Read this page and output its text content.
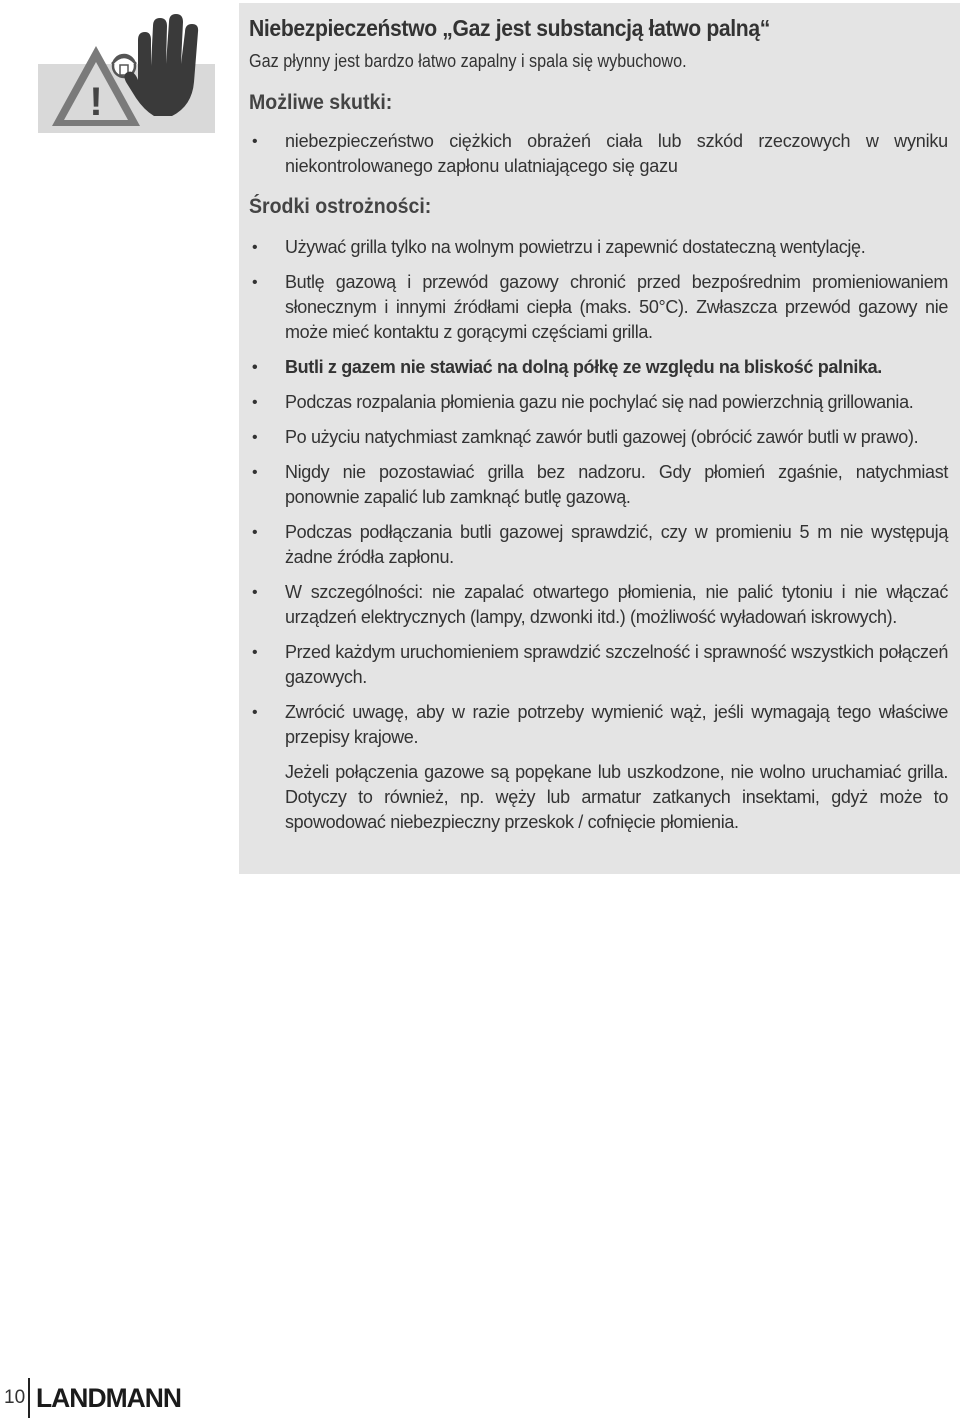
!
Niebezpieczeństwo „Gaz jest substancją łatwo palną“

Gaz płynny jest bardzo łatwo zapalny i spala się wybuchowo.

Możliwe skutki:
• niebezpieczeństwo ciężkich obrażeń ciała lub szkód rzeczowych w wyniku niekontrolowanego zapłonu ulatniającego się gazu
Środki ostrożności:
• Używać grilla tylko na wolnym powietrzu i zapewnić dostateczną wentylację.
• Butlę gazową i przewód gazowy chronić przed bezpośrednim promieniowaniem słonecznym i innymi źródłami ciepła (maks. 50°C). Zwłaszcza przewód gazowy nie może mieć kontaktu z gorącymi częściami grilla.
• Butli z gazem nie stawiać na dolną półkę ze względu na bliskość palnika.
• Podczas rozpalania płomienia gazu nie pochylać się nad powierzchnią grillowania.
• Po użyciu natychmiast zamknąć zawór butli gazowej (obrócić zawór butli w prawo).
• Nigdy nie pozostawiać grilla bez nadzoru. Gdy płomień zgaśnie, natychmiast ponownie zapalić lub zamknąć butlę gazową.
• Podczas podłączania butli gazowej sprawdzić, czy w promieniu 5 m nie występują żadne źródła zapłonu.
• W szczególności: nie zapalać otwartego płomienia, nie palić tytoniu i nie włączać urządzeń elektrycznych (lampy, dzwonki itd.) (możliwość wyładowań iskrowych).
• Przed każdym uruchomieniem sprawdzić szczelność i sprawność wszystkich połączeń gazowych.
• Zwrócić uwagę, aby w razie potrzeby wymienić wąż, jeśli wymagają tego właściwe przepisy krajowe.

Jeżeli połączenia gazowe są popękane lub uszkodzone, nie wolno uruchamiać grilla. Dotyczy to również, np. węży lub armatur zatkanych insektami, gdyż może to spowodować niebezpieczny przeskok / cofnięcie płomienia.

10 LANDMANN
